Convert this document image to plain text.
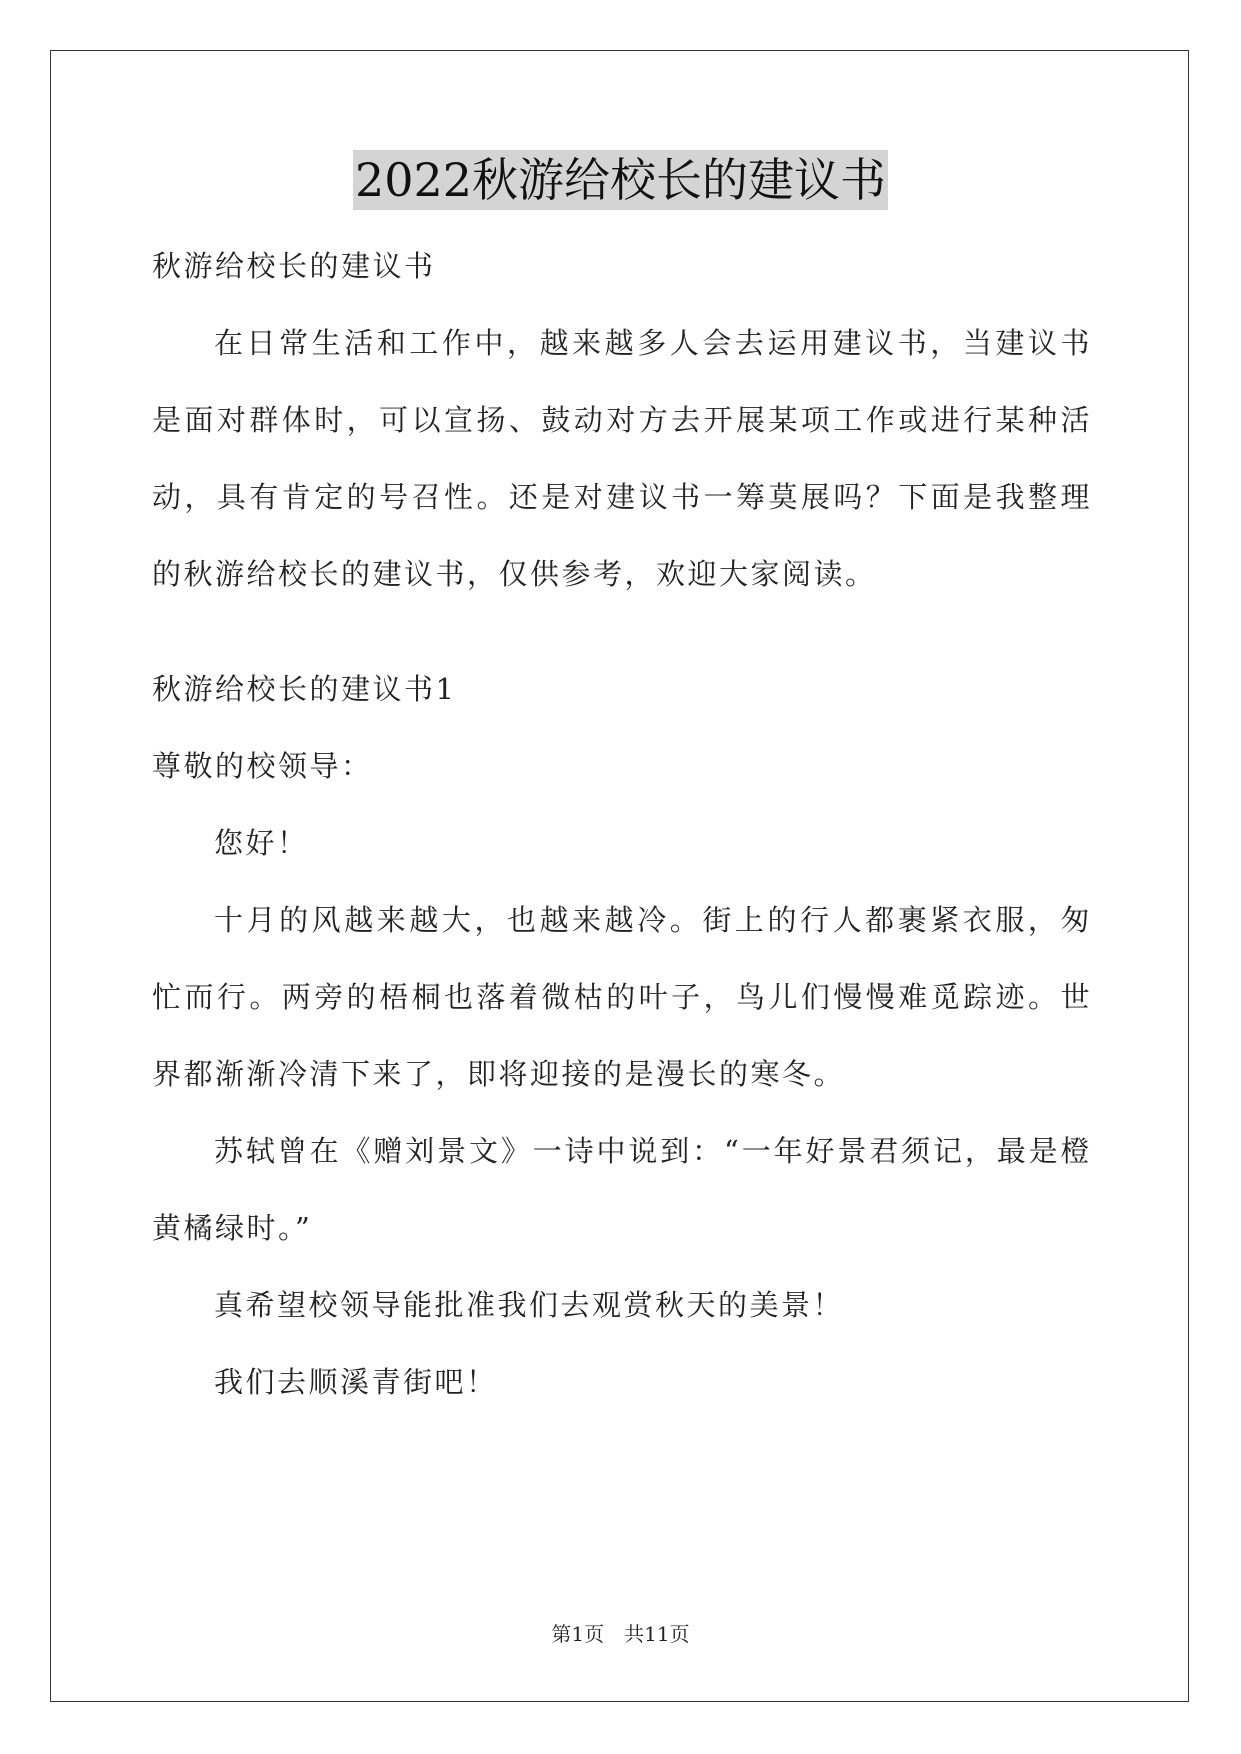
2022秋游给校长的建议书

秋游给校长的建议书

在日常生活和工作中，越来越多人会去运用建议书，当建议书是面对群体时，可以宣扬、鼓动对方去开展某项工作或进行某种活动，具有肯定的号召性。还是对建议书一筹莫展吗？下面是我整理的秋游给校长的建议书，仅供参考，欢迎大家阅读。

秋游给校长的建议书1

尊敬的校领导：

您好！

十月的风越来越大，也越来越冷。街上的行人都裹紧衣服，匆忙而行。两旁的梧桐也落着微枯的叶子，鸟儿们慢慢难觅踪迹。世界都渐渐冷清下来了，即将迎接的是漫长的寒冬。

苏轼曾在《赠刘景文》一诗中说到：“一年好景君须记，最是橙黄橘绿时。”

真希望校领导能批准我们去观赏秋天的美景！

我们去顺溪青街吧！

第1页　共11页
